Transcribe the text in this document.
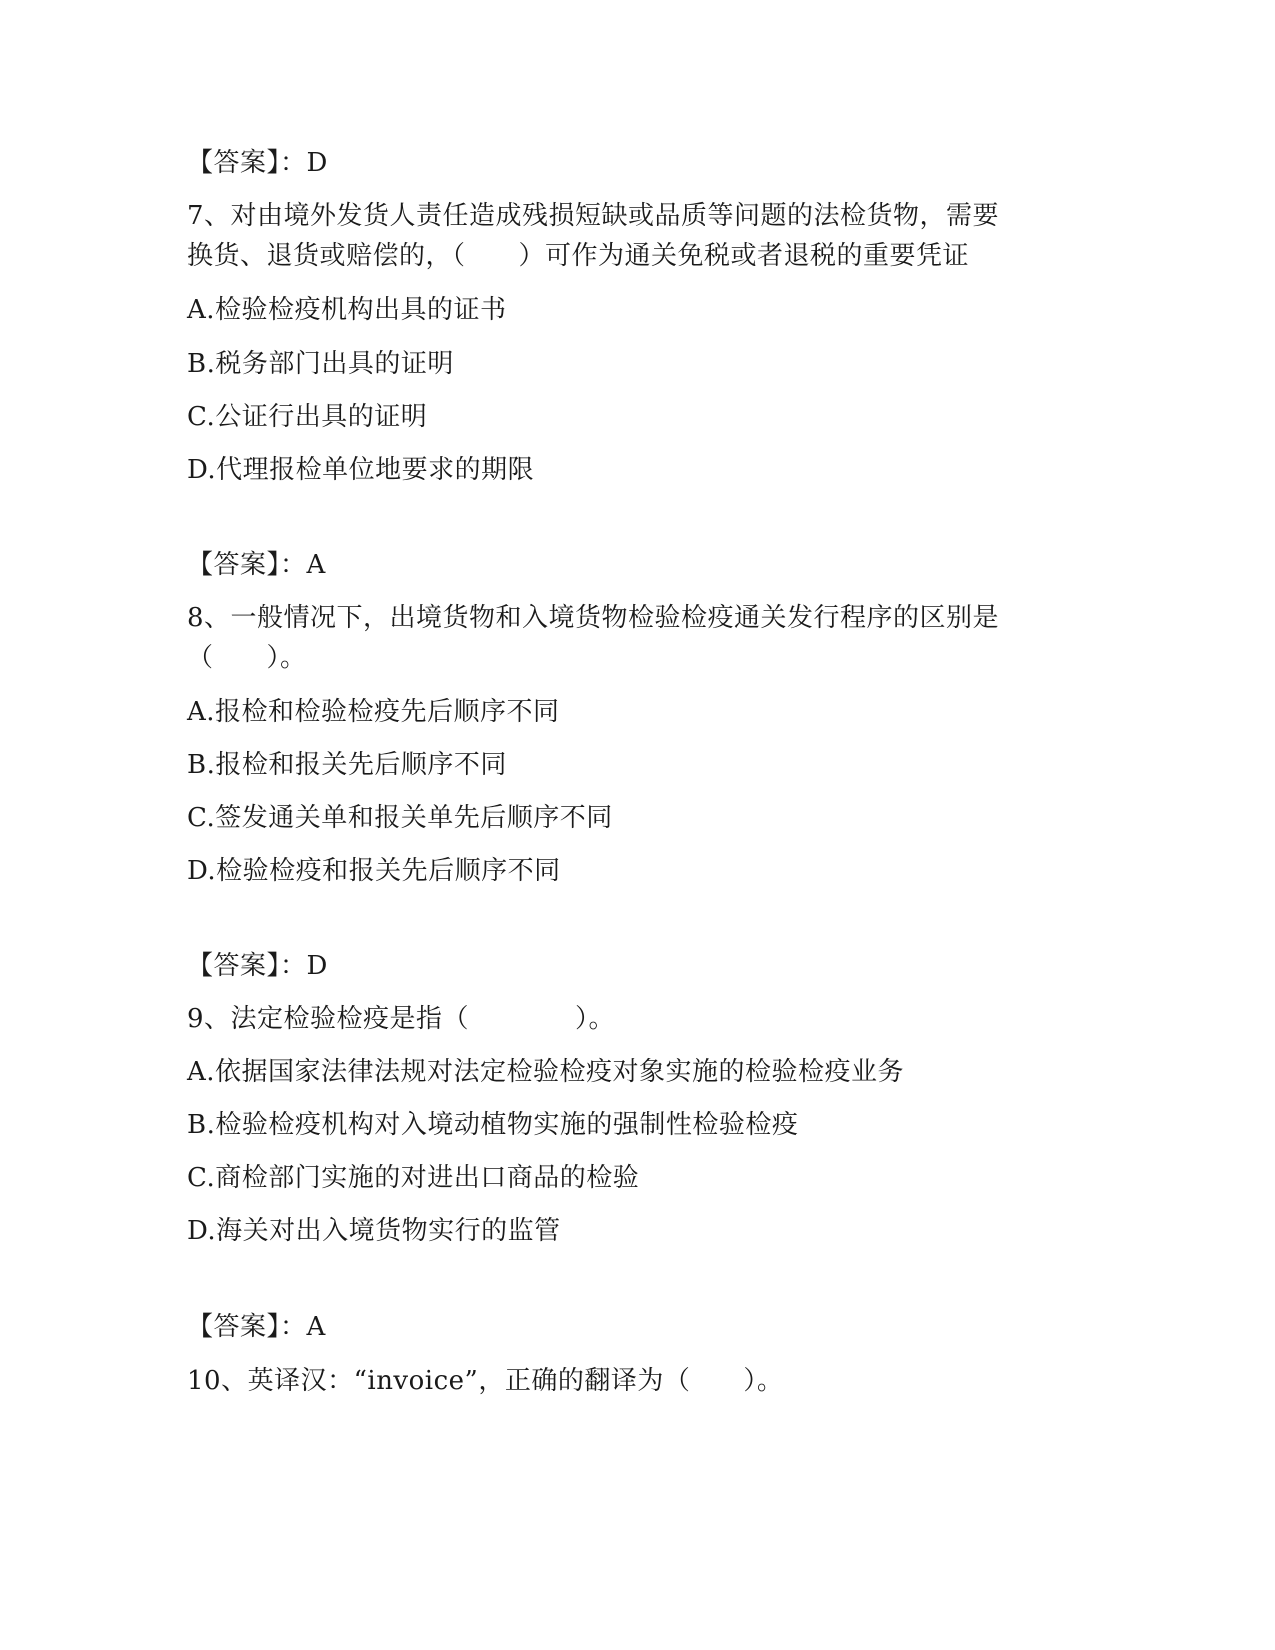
【答案】：D
7、对由境外发货人责任造成残损短缺或品质等问题的法检货物，需要
换货、退货或赔偿的，（　　）可作为通关免税或者退税的重要凭证
A.检验检疫机构出具的证书
B.税务部门出具的证明
C.公证行出具的证明
D.代理报检单位地要求的期限
【答案】：A
8、一般情况下，出境货物和入境货物检验检疫通关发行程序的区别是
（　　）。
A.报检和检验检疫先后顺序不同
B.报检和报关先后顺序不同
C.签发通关单和报关单先后顺序不同
D.检验检疫和报关先后顺序不同
【答案】：D
9、法定检验检疫是指（　　　　）。
A.依据国家法律法规对法定检验检疫对象实施的检验检疫业务
B.检验检疫机构对入境动植物实施的强制性检验检疫
C.商检部门实施的对进出口商品的检验
D.海关对出入境货物实行的监管
【答案】：A
10、英译汉：“invoice”，正确的翻译为（　　）。
